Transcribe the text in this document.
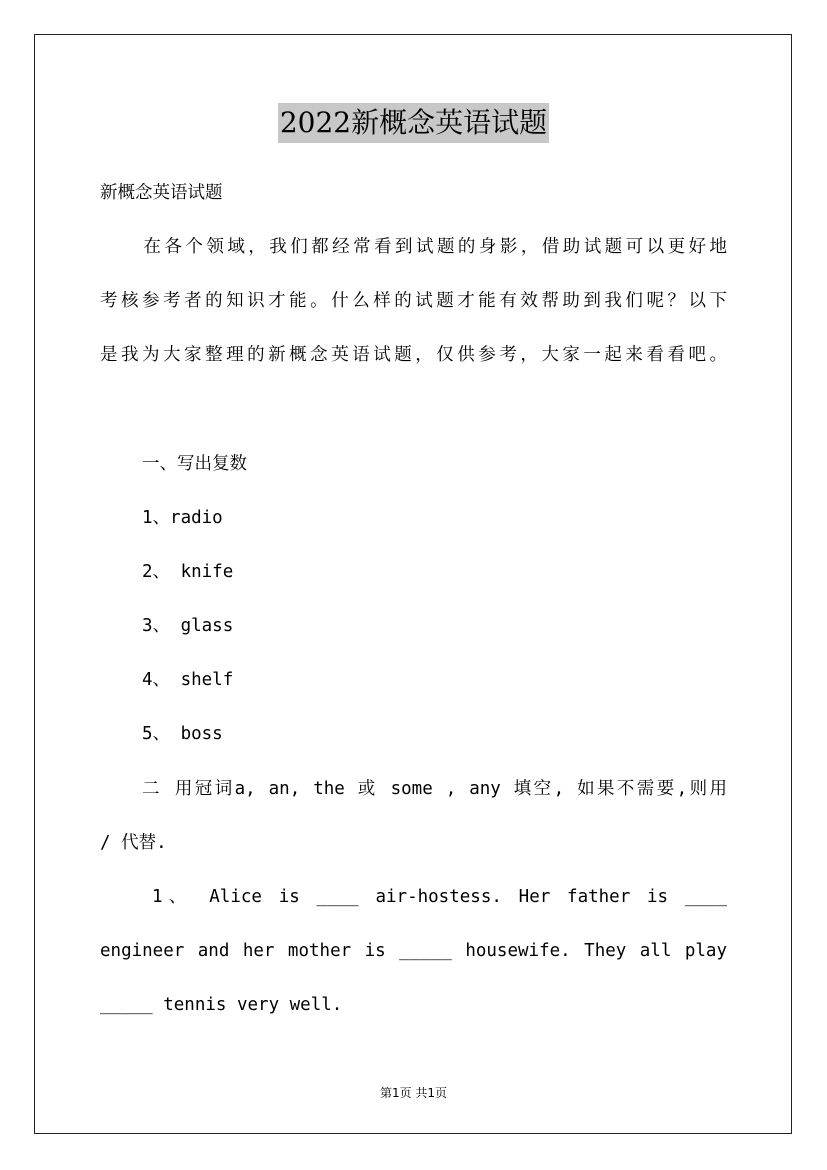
2022新概念英语试题
新概念英语试题
在各个领域，我们都经常看到试题的身影，借助试题可以更好地
考核参考者的知识才能。什么样的试题才能有效帮助到我们呢？以下
是我为大家整理的新概念英语试题，仅供参考，大家一起来看看吧。
一、写出复数
1、radio
2、 knife
3、 glass
4、 shelf
5、 boss
二 用冠词a, an, the 或 some , any 填空, 如果不需要,则用
/ 代替.
1、 Alice is ____ air-hostess. Her father is ____
engineer and her mother is _____ housewife. They all play
_____ tennis very well.
第1页 共1页
